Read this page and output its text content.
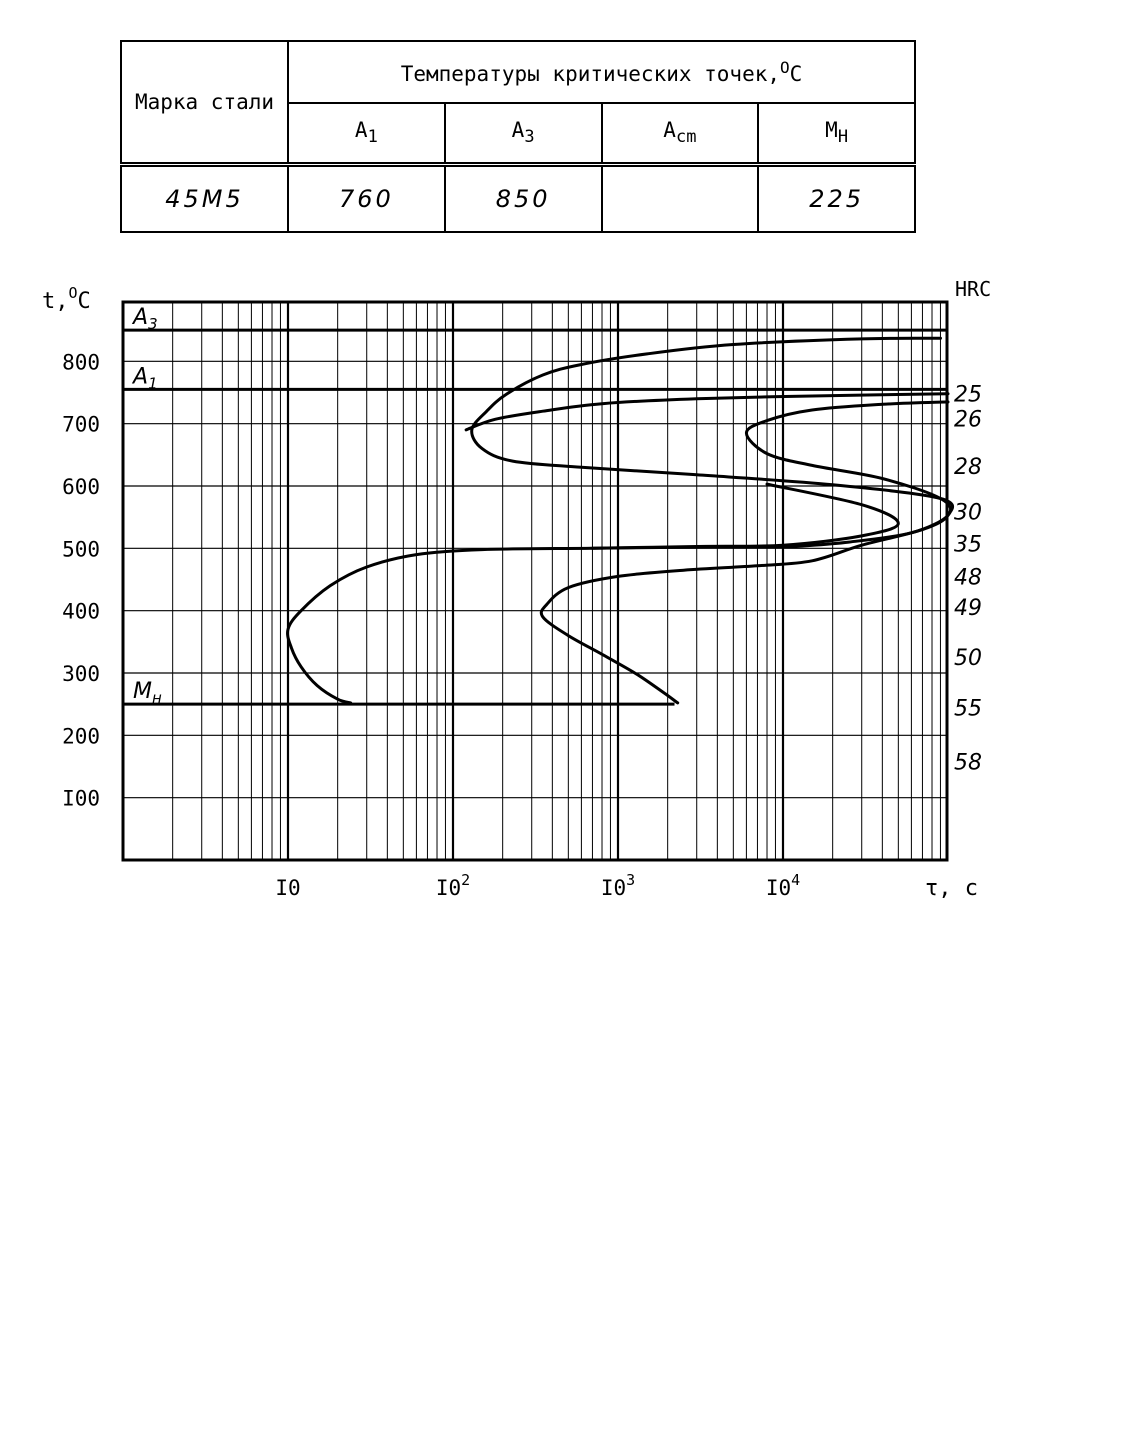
Марка стали	Температуры критических точек,$^O$C			
	$A_1$	$A_3$	$A_{cm}$	$M_H$
45M5	760	850		225
$A_3$
$A_1$
$M_н$
I00
200
300
400
500
600
700
800
I0	$I0^2$	$I0^3$	$I0^4$
t,$^O$C
τ, с
HRC
25
26
28
30
35
48
49
50
55
58
